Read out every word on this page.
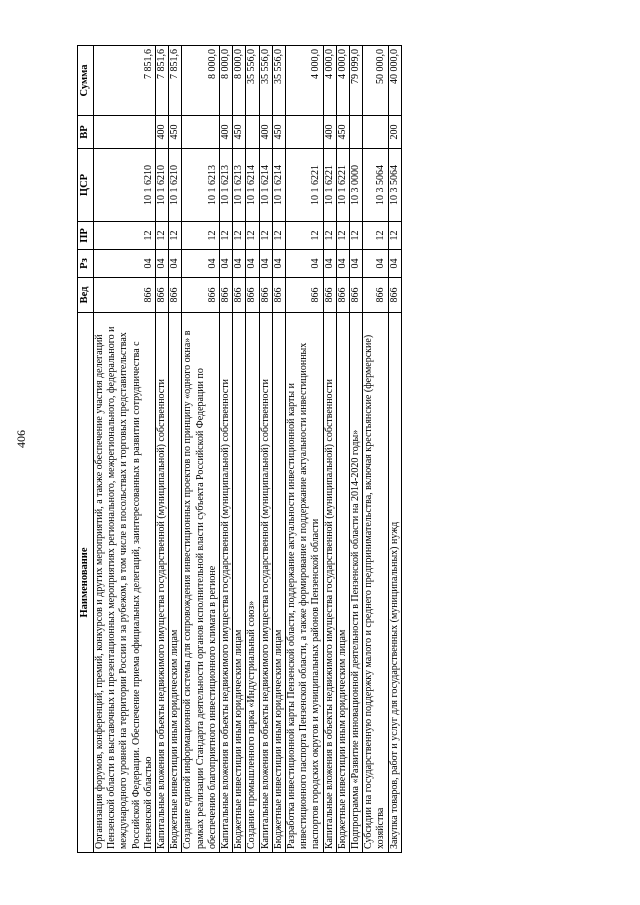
406
Наименование	Вед	Рз	ПР	ЦСР	ВР	Сумма
Организация форумов, конференций, премий, конкурсов и других мероприятий, а также обеспечение участия делегаций Пензенской области в выставочных и презентационных мероприятиях регионального, межрегионального, федерального и международного уровней на территории России и за рубежом, в том числе в посольствах и торговых представительствах Российской Федерации. Обеспечение приема официальных делегаций, заинтересованных в развитии сотрудничества с Пензенской областью	866	04	12	10 1 6210		7 851,6
Капитальные вложения в объекты недвижимого имущества государственной (муниципальной) собственности	866	04	12	10 1 6210	400	7 851,6
Бюджетные инвестиции иным юридическим лицам	866	04	12	10 1 6210	450	7 851,6
Создание единой информационной системы для сопровождения инвестиционных проектов по принципу «одного окна» в рамках реализации Стандарта деятельности органов исполнительной власти субъекта Российской Федерации по обеспечению благоприятного инвестиционного климата в регионе	866	04	12	10 1 6213		8 000,0
Капитальные вложения в объекты недвижимого имущества государственной (муниципальной) собственности	866	04	12	10 1 6213	400	8 000,0
Бюджетные инвестиции иным юридическим лицам	866	04	12	10 1 6213	450	8 000,0
Создание промышленного парка «Индустриальный союз»	866	04	12	10 1 6214		35 556,0
Капитальные вложения в объекты недвижимого имущества государственной (муниципальной) собственности	866	04	12	10 1 6214	400	35 556,0
Бюджетные инвестиции иным юридическим лицам	866	04	12	10 1 6214	450	35 556,0
Разработка инвестиционной карты Пензенской области, поддержание актуальности инвестиционной карты и инвестиционного паспорта Пензенской области, а также формирование и поддержание актуальности инвестиционных паспортов городских округов и муниципальных районов Пензенской области	866	04	12	10 1 6221		4 000,0
Капитальные вложения в объекты недвижимого имущества государственной (муниципальной) собственности	866	04	12	10 1 6221	400	4 000,0
Бюджетные инвестиции иным юридическим лицам	866	04	12	10 1 6221	450	4 000,0
Подпрограмма «Развитие инновационной деятельности в Пензенской области на 2014-2020 годы»	866	04	12	10 3 0000		79 099,0
Субсидии на государственную поддержку малого и среднего предпринимательства, включая крестьянские (фермерские) хозяйства	866	04	12	10 3 5064		50 000,0
Закупка товаров, работ и услуг для государственных (муниципальных) нужд	866	04	12	10 3 5064	200	40 000,0
